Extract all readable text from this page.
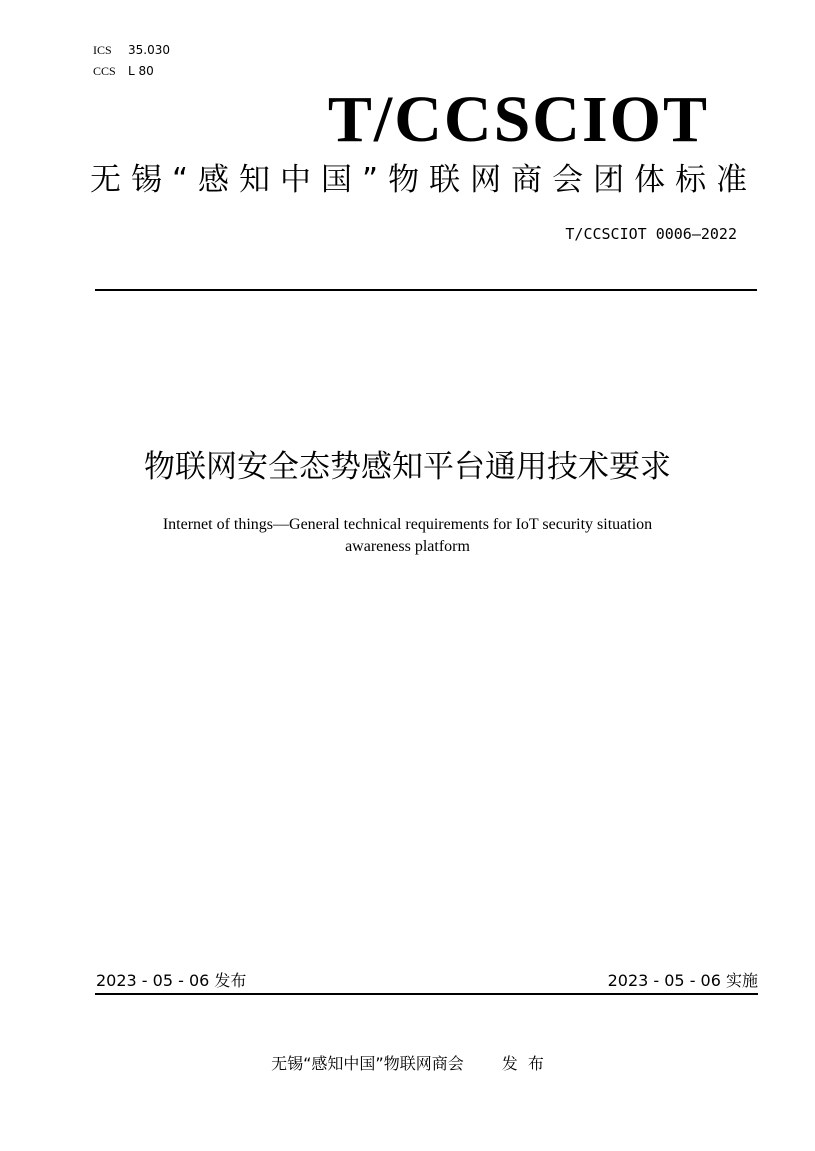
ICS	35.030
CCS	L 80
T/CCSCIOT
无锡“感知中国”物联网商会团体标准
T/CCSCIOT 0006—2022
物联网安全态势感知平台通用技术要求
Internet of things—General technical requirements for IoT security situation
awareness platform
2023 - 05 - 06 发布	2023 - 05 - 06 实施
无锡“感知中国”物联网商会 发  布
